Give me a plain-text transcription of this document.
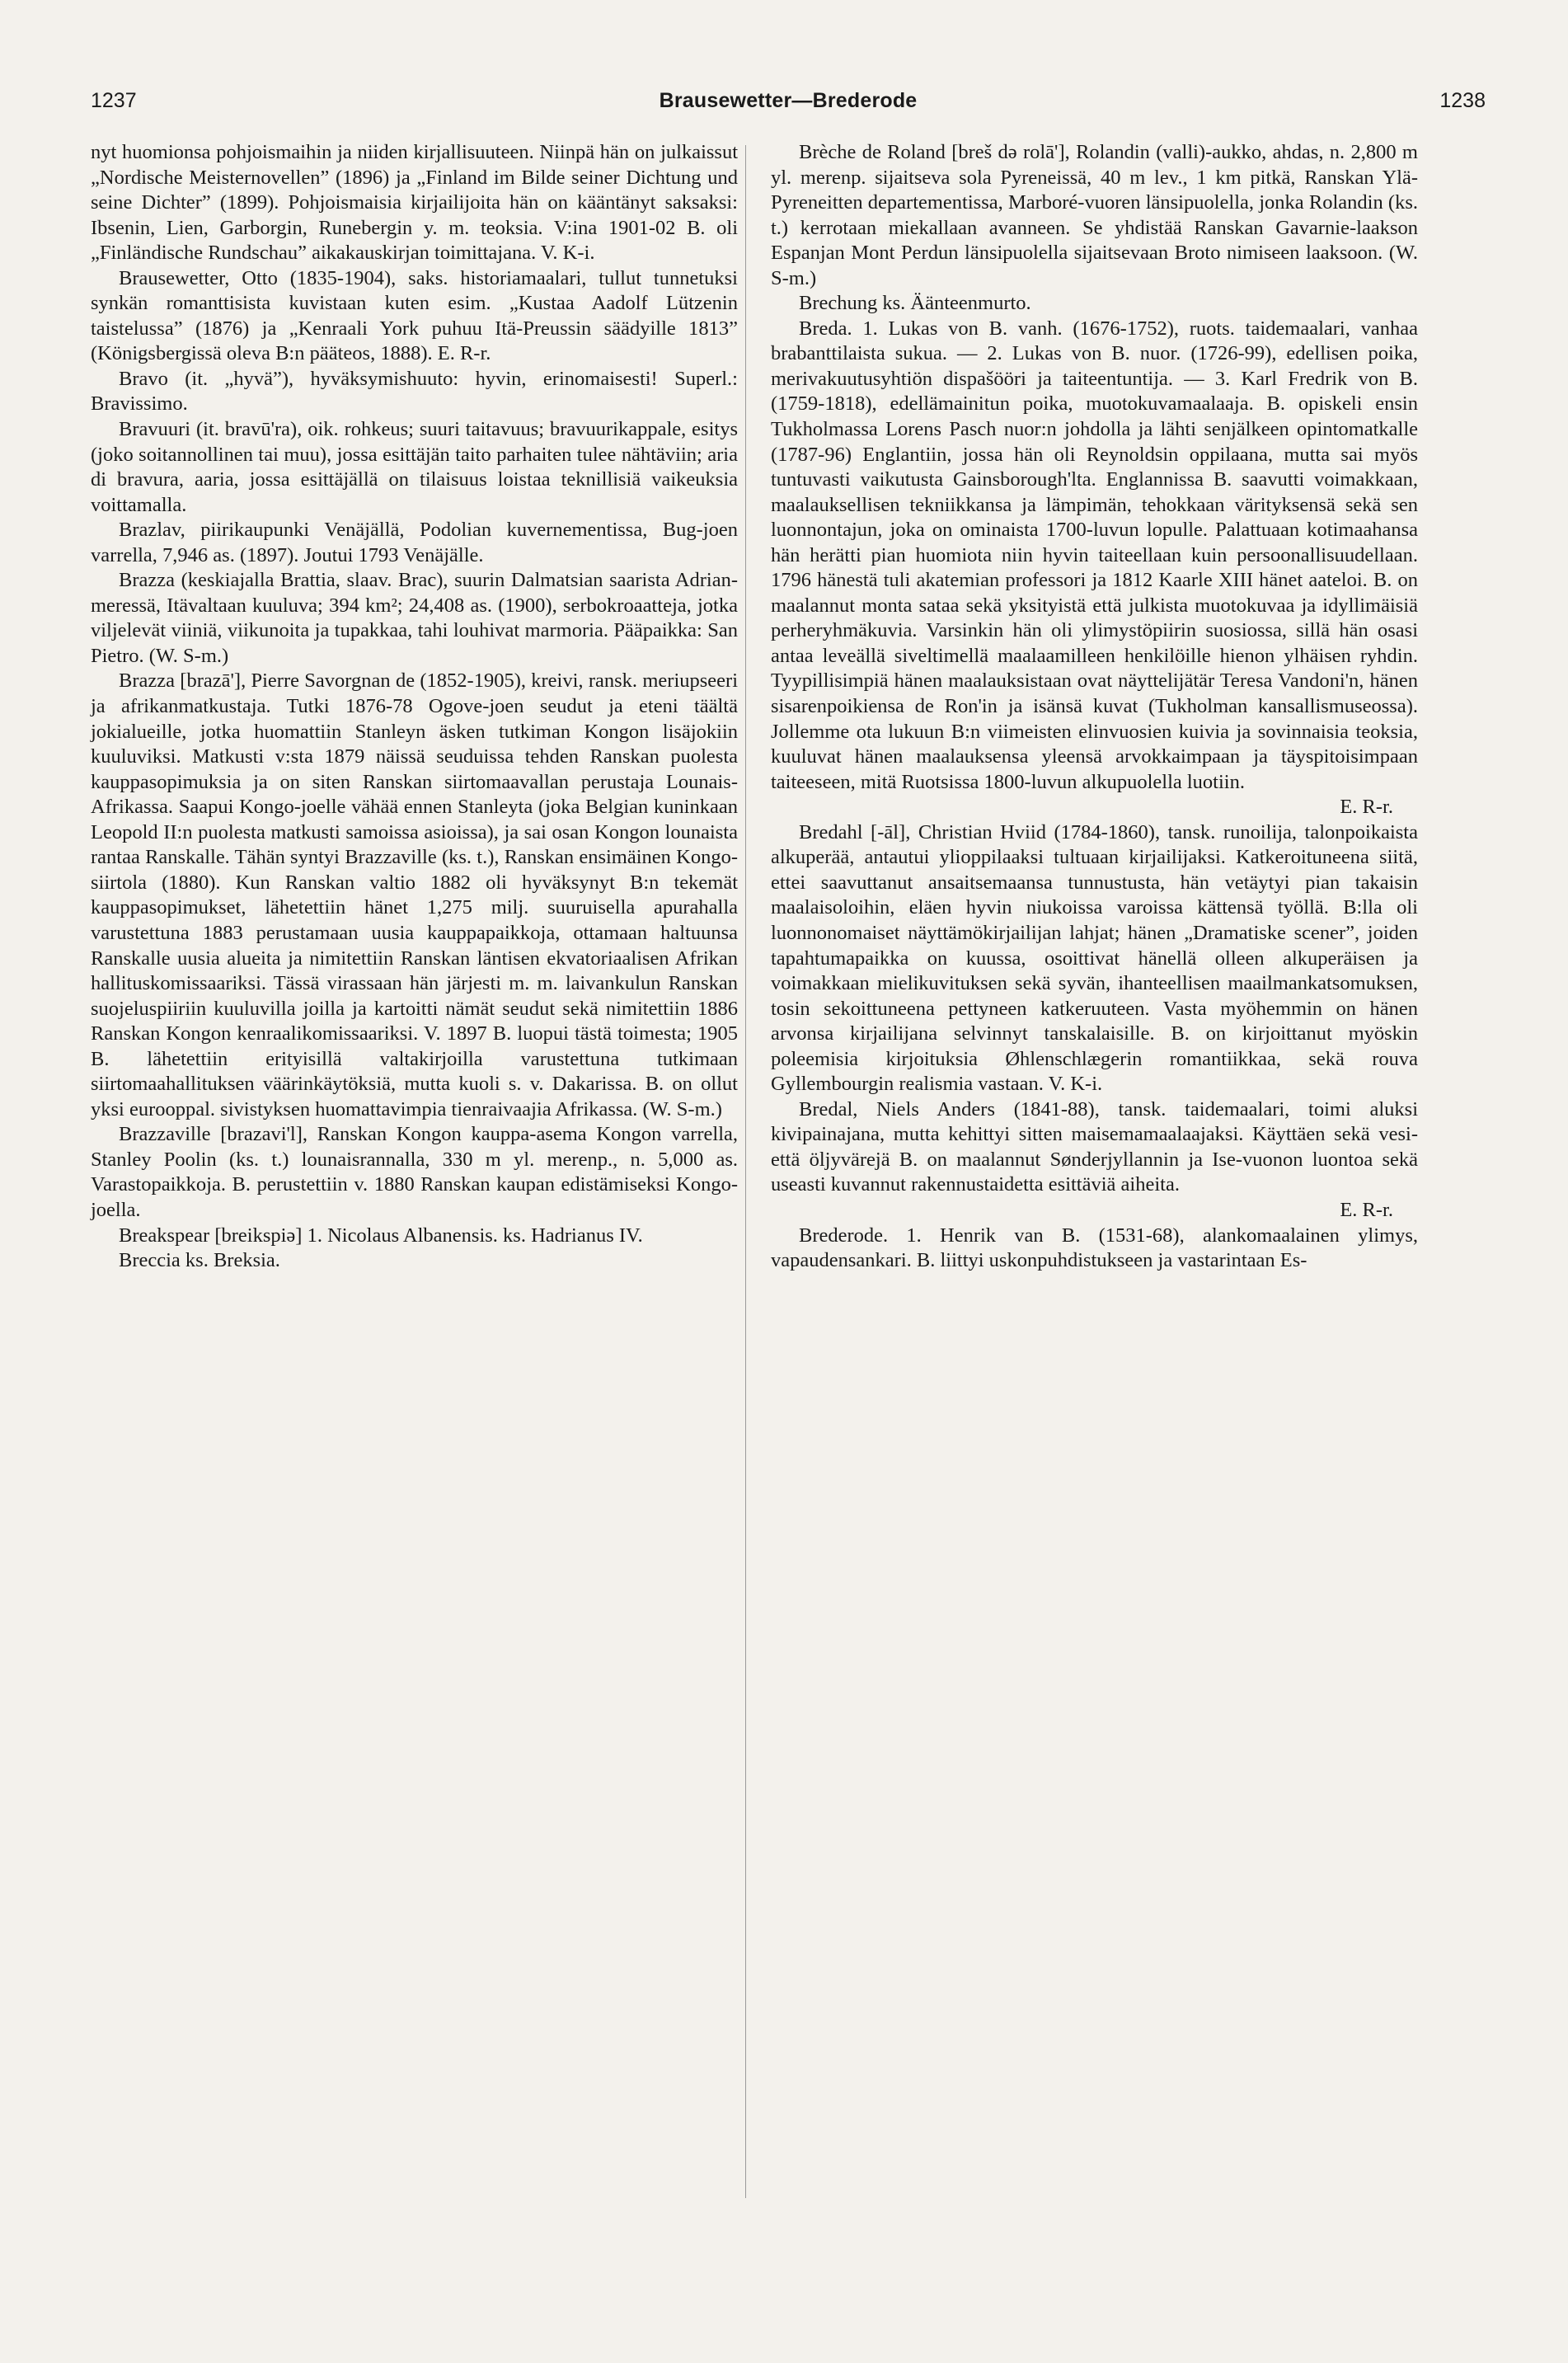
1237	Brausewetter—Brederode	1238

nyt huomionsa pohjoismaihin ja niiden kirjallisuuteen. Niinpä hän on julkaissut „Nordische Meisternovellen” (1896) ja „Finland im Bilde seiner Dichtung und seine Dichter” (1899). Pohjoismaisia kirjailijoita hän on kääntänyt saksaksi: Ibsenin, Lien, Garborgin, Runebergin y. m. teoksia. V:ina 1901-02 B. oli „Finländische Rundschau” aikakauskirjan toimittajana. V. K-i.

Brausewetter, Otto (1835-1904), saks. historiamaalari, tullut tunnetuksi synkän romanttisista kuvistaan kuten esim. „Kustaa Aadolf Lützenin taistelussa” (1876) ja „Kenraali York puhuu Itä-Preussin säädyille 1813” (Königsbergissä oleva B:n pääteos, 1888). E. R-r.

Bravo (it. „hyvä”), hyväksymishuuto: hyvin, erinomaisesti! Superl.: Bravissimo.

Bravuuri (it. bravū'ra), oik. rohkeus; suuri taitavuus; bravuurikappale, esitys (joko soitannollinen tai muu), jossa esittäjän taito parhaiten tulee nähtäviin; aria di bravura, aaria, jossa esittäjällä on tilaisuus loistaa teknillisiä vaikeuksia voittamalla.

Brazlav, piirikaupunki Venäjällä, Podolian kuvernementissa, Bug-joen varrella, 7,946 as. (1897). Joutui 1793 Venäjälle.

Brazza (keskiajalla Brattia, slaav. Brac), suurin Dalmatsian saarista Adrian-meressä, Itävaltaan kuuluva; 394 km²; 24,408 as. (1900), serbokroaatteja, jotka viljelevät viiniä, viikunoita ja tupakkaa, tahi louhivat marmoria. Pääpaikka: San Pietro. (W. S-m.)

Brazza [brazā'], Pierre Savorgnan de (1852-1905), kreivi, ransk. meriupseeri ja afrikanmatkustaja. Tutki 1876-78 Ogove-joen seudut ja eteni täältä jokialueille, jotka huomattiin Stanleyn äsken tutkiman Kongon lisäjokiin kuuluviksi. Matkusti v:sta 1879 näissä seuduissa tehden Ranskan puolesta kauppasopimuksia ja on siten Ranskan siirtomaavallan perustaja Lounais-Afrikassa. Saapui Kongo-joelle vähää ennen Stanleyta (joka Belgian kuninkaan Leopold II:n puolesta matkusti samoissa asioissa), ja sai osan Kongon lounaista rantaa Ranskalle. Tähän syntyi Brazzaville (ks. t.), Ranskan ensimäinen Kongo-siirtola (1880). Kun Ranskan valtio 1882 oli hyväksynyt B:n tekemät kauppasopimukset, lähetettiin hänet 1,275 milj. suuruisella apurahalla varustettuna 1883 perustamaan uusia kauppapaikkoja, ottamaan haltuunsa Ranskalle uusia alueita ja nimitettiin Ranskan läntisen ekvatoriaalisen Afrikan hallituskomissaariksi. Tässä virassaan hän järjesti m. m. laivankulun Ranskan suojeluspiiriin kuuluvilla joilla ja kartoitti nämät seudut sekä nimitettiin 1886 Ranskan Kongon kenraalikomissaariksi. V. 1897 B. luopui tästä toimesta; 1905 B. lähetettiin erityisillä valtakirjoilla varustettuna tutkimaan siirtomaahallituksen väärinkäytöksiä, mutta kuoli s. v. Dakarissa. B. on ollut yksi eurooppal. sivistyksen huomattavimpia tienraivaajia Afrikassa. (W. S-m.)

Brazzaville [brazavi'l], Ranskan Kongon kauppa-asema Kongon varrella, Stanley Poolin (ks. t.) lounaisrannalla, 330 m yl. merenp., n. 5,000 as. Varastopaikkoja. B. perustettiin v. 1880 Ranskan kaupan edistämiseksi Kongo-joella.

Breakspear [breikspiə] 1. Nicolaus Albanensis. ks. Hadrianus IV.

Breccia ks. Breksia.

Brèche de Roland [brеš də rolā'], Rolandin (valli)-aukko, ahdas, n. 2,800 m yl. merenp. sijaitseva sola Pyreneissä, 40 m lev., 1 km pitkä, Ranskan Ylä-Pyreneitten departementissa, Marboré-vuoren länsipuolella, jonka Rolandin (ks. t.) kerrotaan miekallaan avanneen. Se yhdistää Ranskan Gavarnie-laakson Espanjan Mont Perdun länsipuolella sijaitsevaan Broto nimiseen laaksoon. (W. S-m.)

Brechung ks. Äänteenmurto.

Breda. 1. Lukas von B. vanh. (1676-1752), ruots. taidemaalari, vanhaa brabanttilaista sukua. — 2. Lukas von B. nuor. (1726-99), edellisen poika, merivakuutusyhtiön dispašööri ja taiteentuntija. — 3. Karl Fredrik von B. (1759-1818), edellämainitun poika, muotokuvamaalaaja. B. opiskeli ensin Tukholmassa Lorens Pasch nuor:n johdolla ja lähti senjälkeen opintomatkalle (1787-96) Englantiin, jossa hän oli Reynoldsin oppilaana, mutta sai myös tuntuvasti vaikutusta Gainsborough'lta. Englannissa B. saavutti voimakkaan, maalauksellisen tekniikkansa ja lämpimän, tehokkaan värityksensä sekä sen luonnontajun, joka on ominaista 1700-luvun lopulle. Palattuaan kotimaahansa hän herätti pian huomiota niin hyvin taiteellaan kuin persoonallisuudellaan. 1796 hänestä tuli akatemian professori ja 1812 Kaarle XIII hänet aateloi. B. on maalannut monta sataa sekä yksityistä että julkista muotokuvaa ja idyllimäisiä perheryhmäkuvia. Varsinkin hän oli ylimystöpiirin suosiossa, sillä hän osasi antaa leveällä siveltimellä maalaamilleen henkilöille hienon ylhäisen ryhdin. Tyypillisimpiä hänen maalauksistaan ovat näyttelijätär Teresa Vandoni'n, hänen sisarenpoikiensa de Ron'in ja isänsä kuvat (Tukholman kansallismuseossa). Jollemme ota lukuun B:n viimeisten elinvuosien kuivia ja sovinnaisia teoksia, kuuluvat hänen maalauksensa yleensä arvokkaimpaan ja täyspitoisimpaan taiteeseen, mitä Ruotsissa 1800-luvun alkupuolella luotiin.

E. R-r.

Bredahl [-āl], Christian Hviid (1784-1860), tansk. runoilija, talonpoikaista alkuperää, antautui ylioppilaaksi tultuaan kirjailijaksi. Katkeroituneena siitä, ettei saavuttanut ansaitsemaansa tunnustusta, hän vetäytyi pian takaisin maalaisoloihin, eläen hyvin niukoissa varoissa kättensä työllä. B:lla oli luonnonomaiset näyttämökirjailijan lahjat; hänen „Dramatiske scener”, joiden tapahtumapaikka on kuussa, osoittivat hänellä olleen alkuperäisen ja voimakkaan mielikuvituksen sekä syvän, ihanteellisen maailmankatsomuksen, tosin sekoittuneena pettyneen katkeruuteen. Vasta myöhemmin on hänen arvonsa kirjailijana selvinnyt tanskalaisille. B. on kirjoittanut myöskin poleemisia kirjoituksia Øhlenschlægerin romantiikkaa, sekä rouva Gyllembourgin realismia vastaan. V. K-i.

Bredal, Niels Anders (1841-88), tansk. taidemaalari, toimi aluksi kivipainajana, mutta kehittyi sitten maisemamaalaajaksi. Käyttäen sekä vesi- että öljyvärejä B. on maalannut Sønderjyllannin ja Ise-vuonon luontoa sekä useasti kuvannut rakennustaidetta esittäviä aiheita.

E. R-r.

Brederode. 1. Henrik van B. (1531-68), alankomaalainen ylimys, vapaudensankari. B. liittyi uskonpuhdistukseen ja vastarintaan Es-
